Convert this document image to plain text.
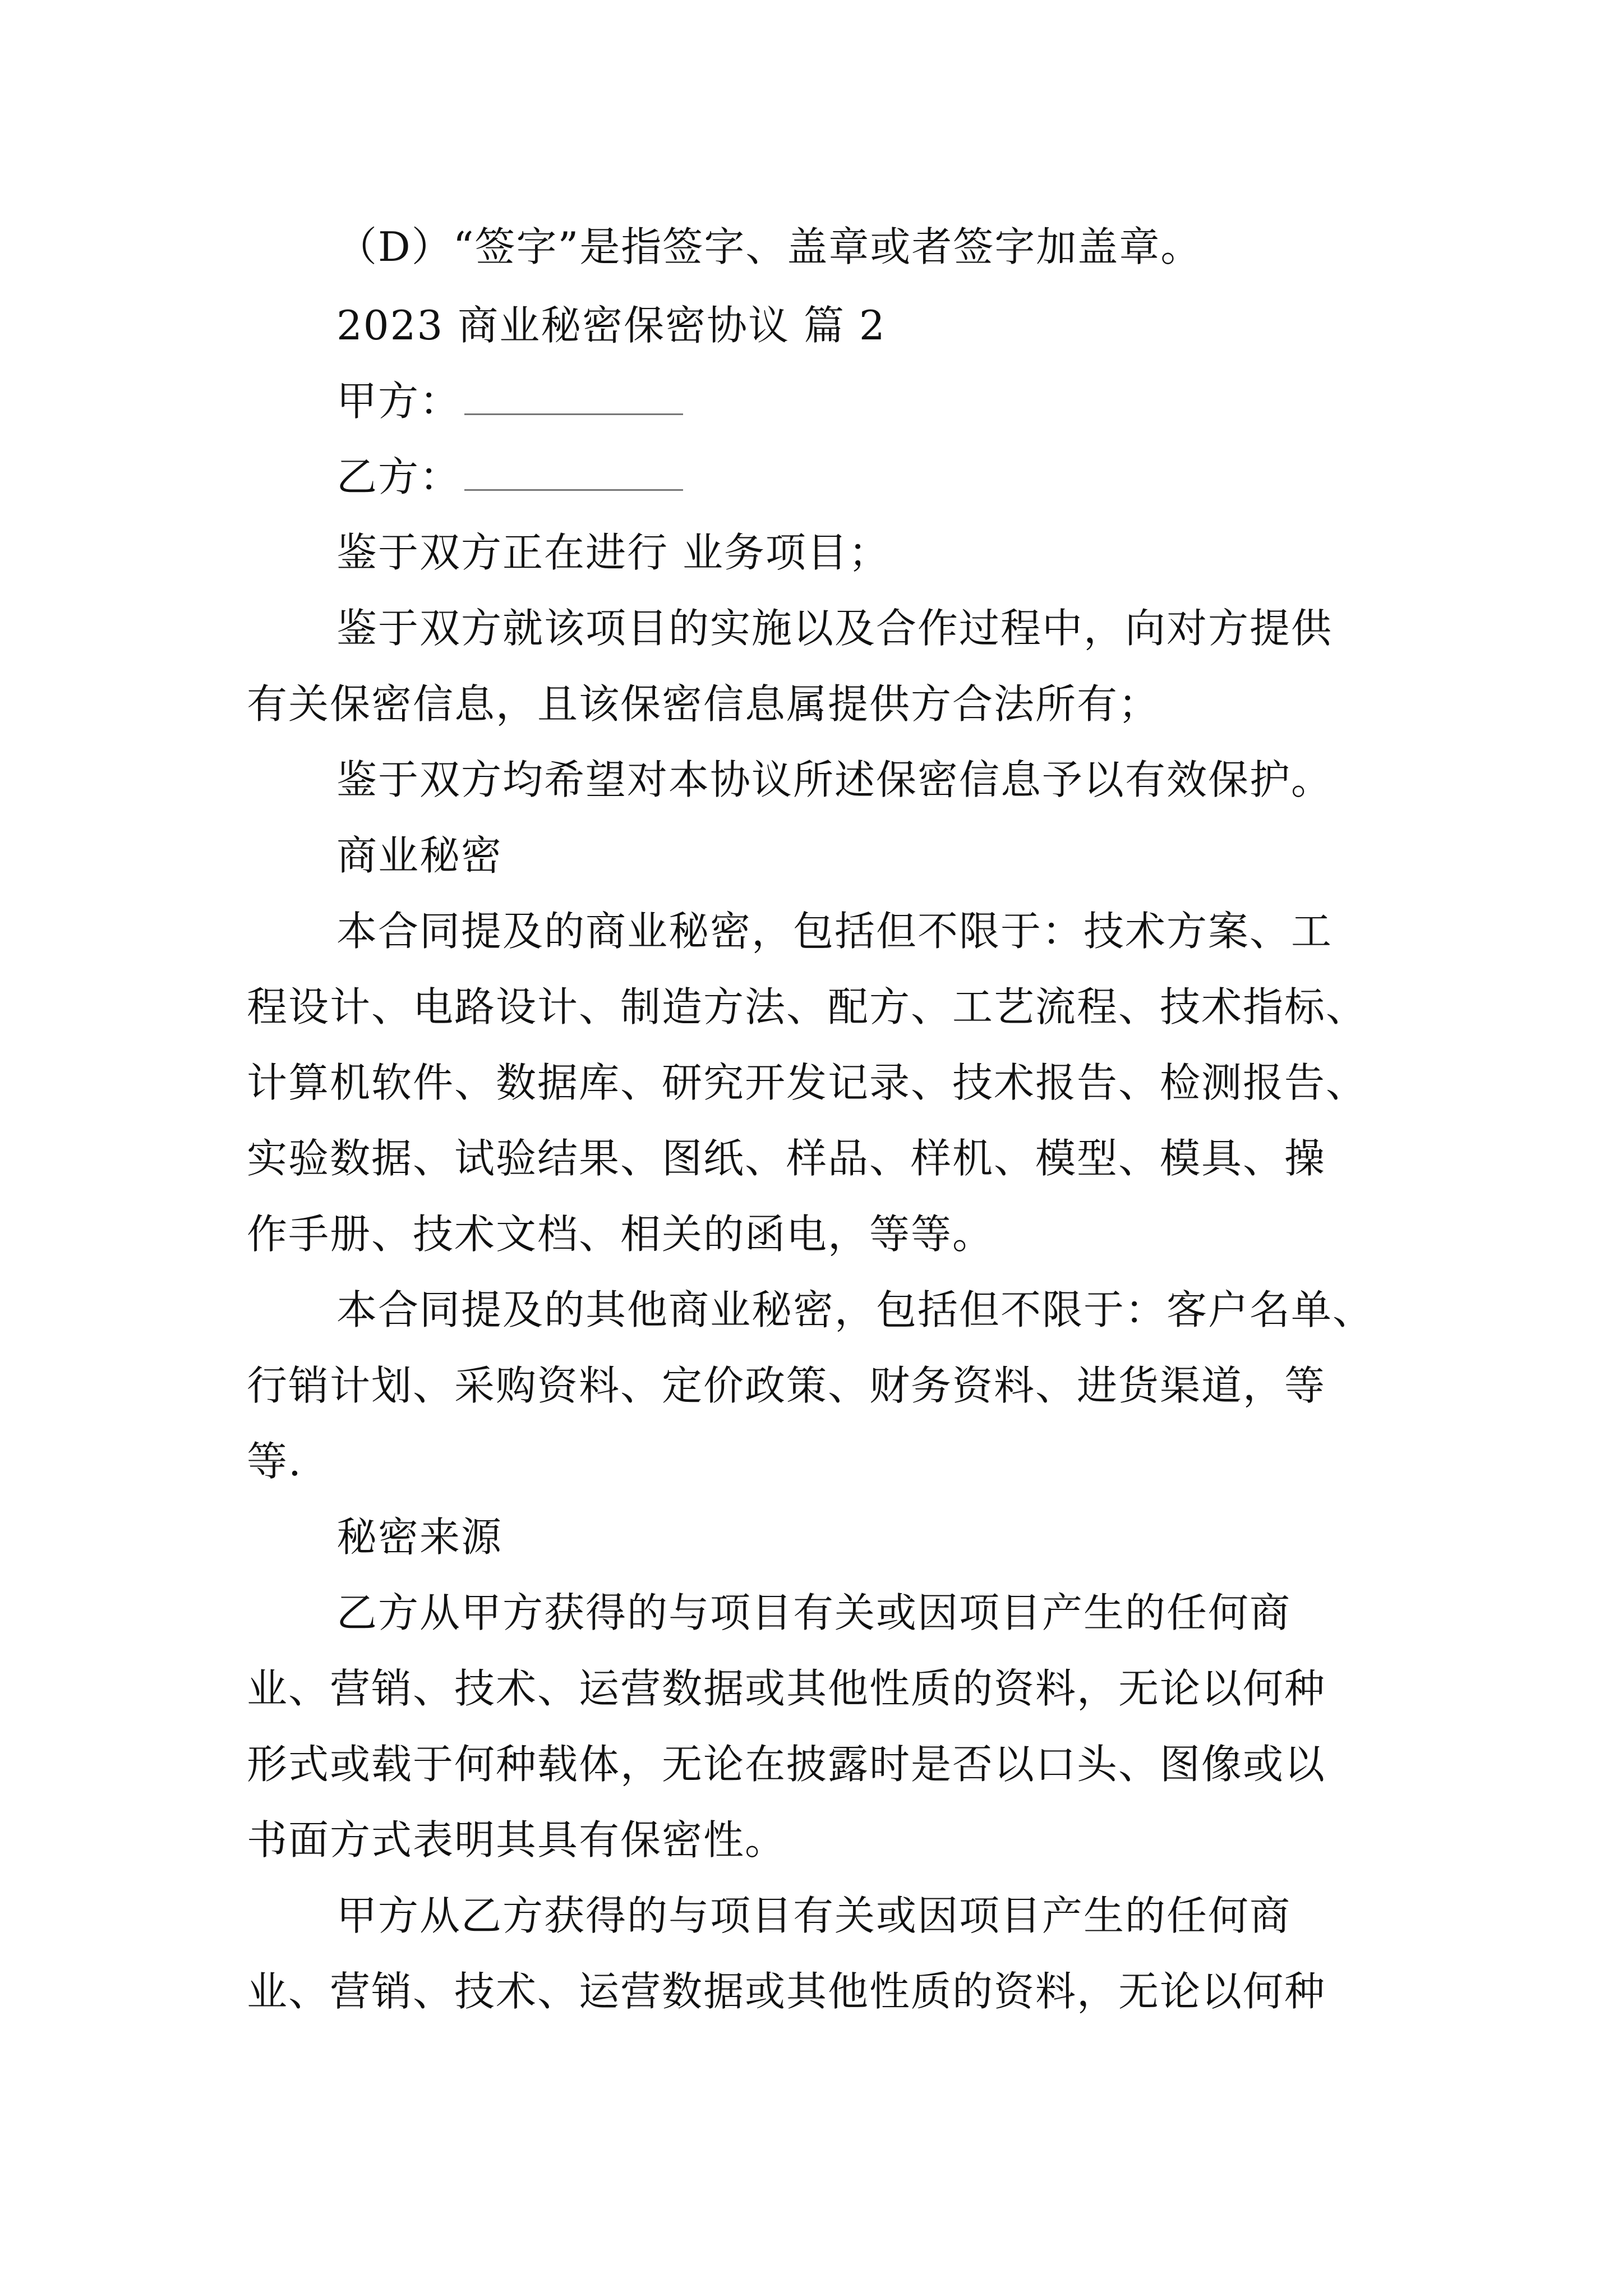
（D）“签字”是指签字、盖章或者签字加盖章。
2023 商业秘密保密协议 篇 2
甲方：
乙方：
鉴于双方正在进行 业务项目；
鉴于双方就该项目的实施以及合作过程中，向对方提供
有关保密信息，且该保密信息属提供方合法所有；
鉴于双方均希望对本协议所述保密信息予以有效保护。
商业秘密
本合同提及的商业秘密，包括但不限于：技术方案、工
程设计、电路设计、制造方法、配方、工艺流程、技术指标、
计算机软件、数据库、研究开发记录、技术报告、检测报告、
实验数据、试验结果、图纸、样品、样机、模型、模具、操
作手册、技术文档、相关的函电，等等。
本合同提及的其他商业秘密，包括但不限于：客户名单、
行销计划、采购资料、定价政策、财务资料、进货渠道，等
等.
秘密来源
乙方从甲方获得的与项目有关或因项目产生的任何商
业、营销、技术、运营数据或其他性质的资料，无论以何种
形式或载于何种载体，无论在披露时是否以口头、图像或以
书面方式表明其具有保密性。
甲方从乙方获得的与项目有关或因项目产生的任何商
业、营销、技术、运营数据或其他性质的资料，无论以何种
